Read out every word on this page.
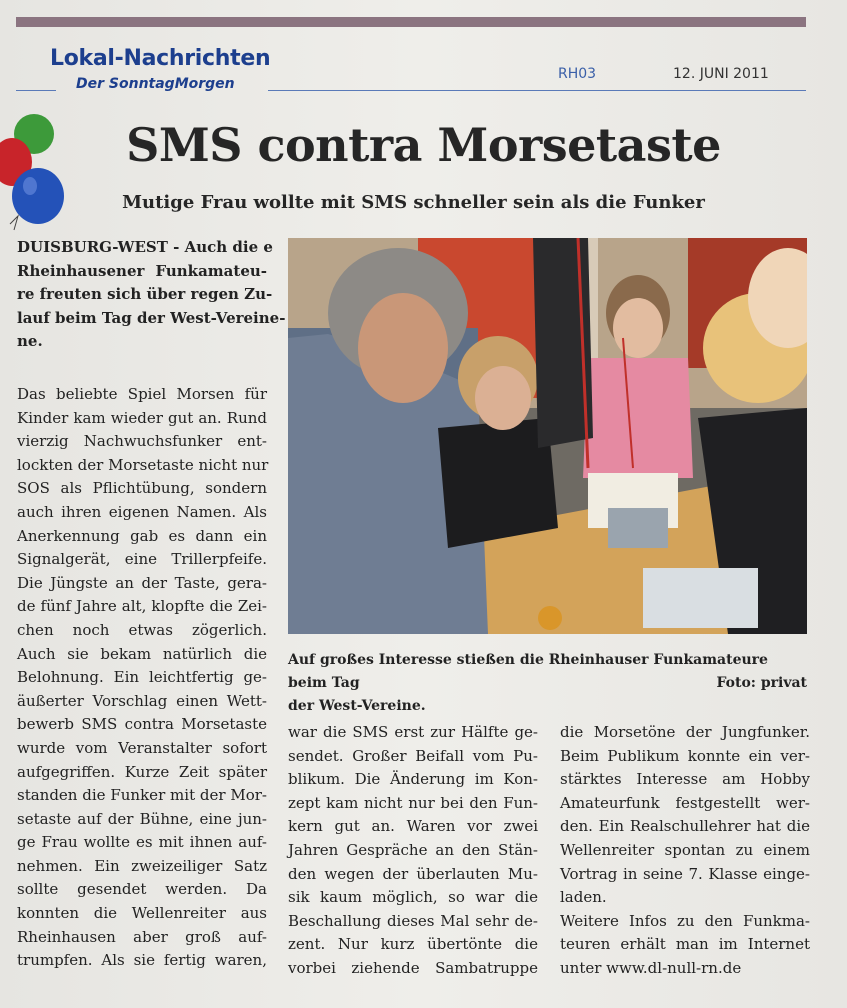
Lokal-Nachrichten
Der SonntagMorgen
RH03	12. JUNI 2011
SMS contra Morsetaste
Mutige Frau wollte mit SMS schneller sein als die Funker
DUISBURG-WEST - Auch die e
Rheinhausener Funkamateu-
re freuten sich über regen Zu-
lauf beim Tag der West-Vereine-
ne.
Das beliebte Spiel Morsen für
Kinder kam wieder gut an. Rund
vierzig Nachwuchsfunker ent-
lockten der Morsetaste nicht nur
SOS als Pflichtübung, sondern
auch ihren eigenen Namen. Als
Anerkennung gab es dann ein
Signalgerät, eine Trillerpfeife.
Die Jüngste an der Taste, gera-
de fünf Jahre alt, klopfte die Zei-
chen noch etwas zögerlich.
Auch sie bekam natürlich die
Belohnung. Ein leichtfertig ge-
äußerter Vorschlag einen Wett-
bewerb SMS contra Morsetaste
wurde vom Veranstalter sofort
aufgegriffen. Kurze Zeit später
standen die Funker mit der Mor-
setaste auf der Bühne, eine jun-
ge Frau wollte es mit ihnen auf-
nehmen. Ein zweizeiliger Satz
sollte gesendet werden. Da
konnten die Wellenreiter aus
Rheinhausen aber groß auf-
trumpfen. Als sie fertig waren,
Auf großes Interesse stießen die Rheinhauser Funkamateure beim Tag
der West-Vereine.
Foto: privat
war die SMS erst zur Hälfte ge-
sendet. Großer Beifall vom Pu-
blikum. Die Änderung im Kon-
zept kam nicht nur bei den Fun-
kern gut an. Waren vor zwei
Jahren Gespräche an den Stän-
den wegen der überlauten Mu-
sik kaum möglich, so war die
Beschallung dieses Mal sehr de-
zent. Nur kurz übertönte die
vorbei ziehende Sambatruppe
die Morsetöne der Jungfunker.
Beim Publikum konnte ein ver-
stärktes Interesse am Hobby
Amateurfunk festgestellt wer-
den. Ein Realschullehrer hat die
Wellenreiter spontan zu einem
Vortrag in seine 7. Klasse einge-
laden.
Weitere Infos zu den Funkma-
teuren erhält man im Internet
unter www.dl-null-rn.de
